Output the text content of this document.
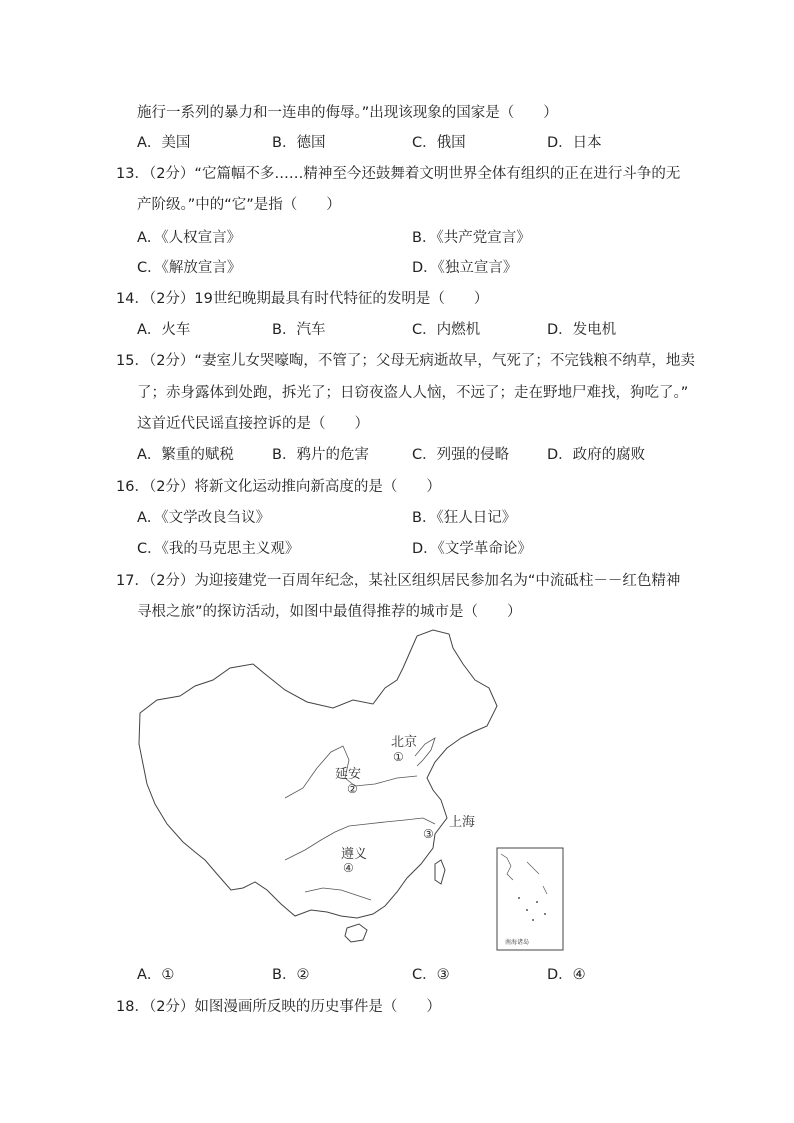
施行一系列的暴力和一连串的侮辱。”出现该现象的国家是（　　）
A．美国	B．德国	C．俄国	D．日本
13．（2分）“它篇幅不多……精神至今还鼓舞着文明世界全体有组织的正在进行斗争的无
产阶级。”中的“它”是指（　　）
A．《人权宣言》	B．《共产党宣言》
C．《解放宣言》	D．《独立宣言》
14．（2分）19世纪晚期最具有时代特征的发明是（　　）
A．火车	B．汽车	C．内燃机	D．发电机
15．（2分）“妻室儿女哭嚎啕，不管了；父母无病逝故早，气死了；不完钱粮不纳草，地卖
了；赤身露体到处跑，拆光了；日窃夜盗人人恼，不远了；走在野地尸难找，狗吃了。”
这首近代民谣直接控诉的是（　　）
A．繁重的赋税	B．鸦片的危害	C．列强的侵略	D．政府的腐败
16．（2分）将新文化运动推向新高度的是（　　）
A．《文学改良刍议》	B．《狂人日记》
C．《我的马克思主义观》	D．《文学革命论》
17．（2分）为迎接建党一百周年纪念，某社区组织居民参加名为“中流砥柱－－红色精神
寻根之旅”的探访活动，如图中最值得推荐的城市是（　　）
南海诸岛
北京
①
延安
②
上海
③
遵义
④
A．①	B．②	C．③	D．④
18．（2分）如图漫画所反映的历史事件是（　　）
